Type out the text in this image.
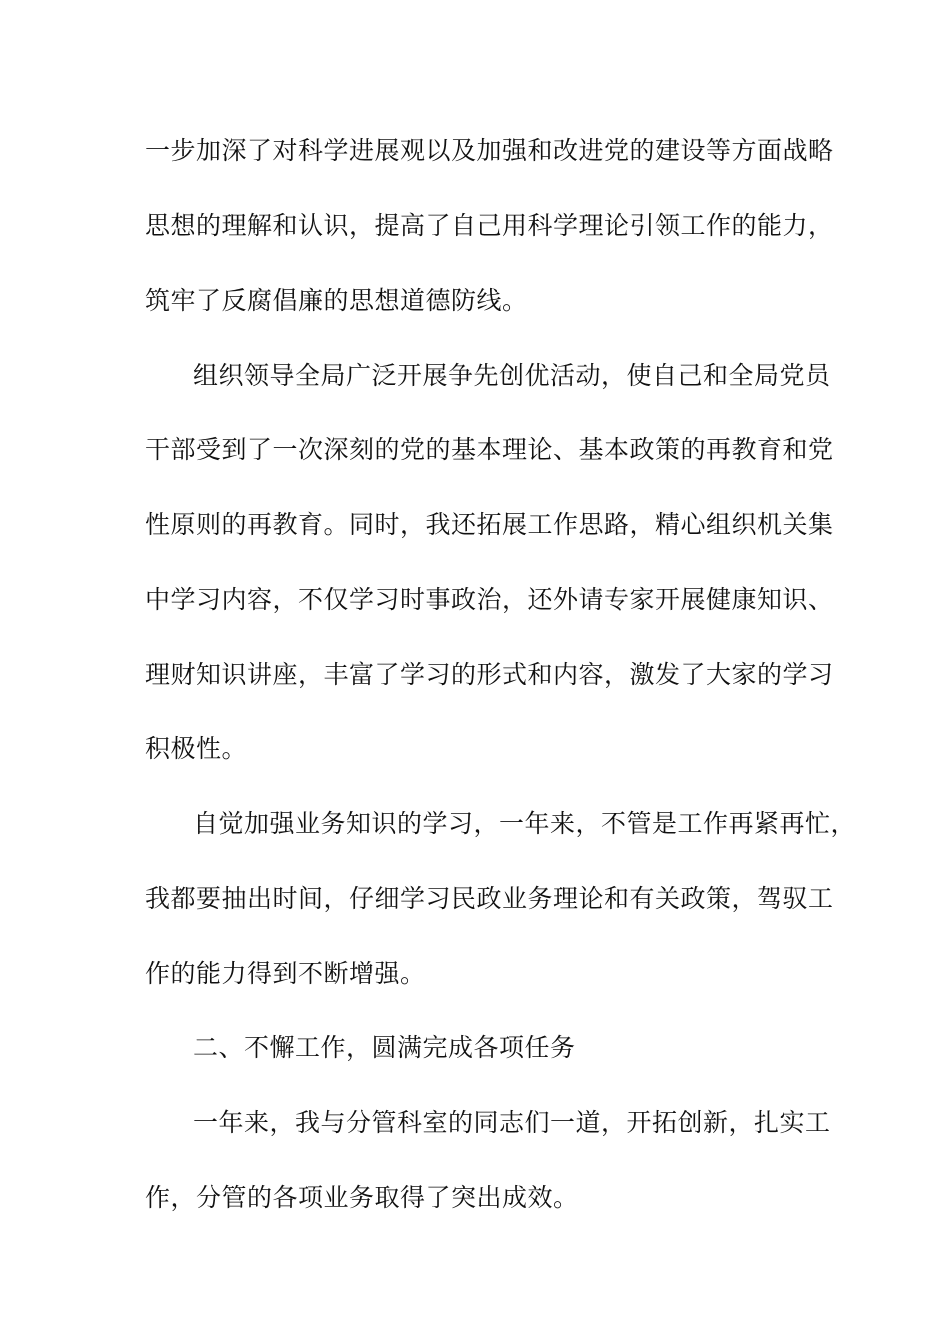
一步加深了对科学进展观以及加强和改进党的建设等方面战略
思想的理解和认识，提高了自己用科学理论引领工作的能力，
筑牢了反腐倡廉的思想道德防线。
组织领导全局广泛开展争先创优活动，使自己和全局党员
干部受到了一次深刻的党的基本理论、基本政策的再教育和党
性原则的再教育。同时，我还拓展工作思路，精心组织机关集
中学习内容，不仅学习时事政治，还外请专家开展健康知识、
理财知识讲座，丰富了学习的形式和内容，激发了大家的学习
积极性。
自觉加强业务知识的学习，一年来，不管是工作再紧再忙，
我都要抽出时间，仔细学习民政业务理论和有关政策，驾驭工
作的能力得到不断增强。
二、不懈工作，圆满完成各项任务
一年来，我与分管科室的同志们一道，开拓创新，扎实工
作，分管的各项业务取得了突出成效。
